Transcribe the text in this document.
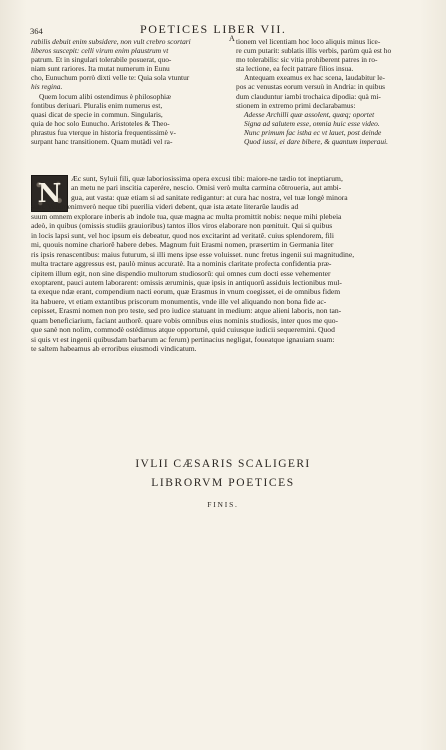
364	POETICES LIBER VII.
A

rabilis debuit enim subsidere, non vult crebro scortari

liberos suscepit: celli virum enim plaustrum vt

patrum. Et in singulari tolerabile posuerat, quo-

niam sunt rariores. Ita mutat numerum in Eunu

cho, Eunuchum porrò dixti velle te: Quia sola vtuntur

his regina.

Quem locum alibi ostendimus è philosophiæ

fontibus deriuari. Pluralis enim numerus est,

quasi dicat de specie in commun. Singularis,

quia de hoc solo Eunucho. Aristoteles & Theo-

phrastus fua vterque in historia frequentissimè v-

surpant hanc transitionem. Quam mutàdi vel ra-

tionem vel licentiam hoc loco aliquis minus lice-

re cum putarit: sublatis illis verbis, parùm quà est ho

mo tolerabilis: sic vitia prohiberent patres in ro-

sta lectione, ea fecit patrare filios insua.

Antequam exeamus ex hac scena, laudabitur le-

pos ac venustas eorum versuù in Andria: in quibus

dum clauduntur iambi trochaica dipodia: quà mi-

stionem in extremo primi declarabamus:

Adesse Archilli quæ assolent, quæq; oportet

Signa ad salutem esse, omnia huic esse video.

Nunc primum fac istha ec vt lauet, post deinde

Quod iussi, ei dare bibere, & quantum imperaui.

N	Æc sunt, Syluii fili, quæ laboriosissima opera excusi tibi: maiore-ne tædio tot ineptiarum,

an metu ne pari inscitia caperére, nescio. Omisi verò multa carmina cõtroueria, aut ambi-

gua, aut vasta: quæ etiam si ad sanitate redigantur: at cura hac nostra, vel tuæ longè minora

sunt. Verùmenimverò neque tibi puerilia videri debent, quæ ista ætate literarũe laudis ad

suum omnem explorare inberis ab indole tua, quæ magna ac multa promittit nobis: neque mihi plebeia

adeò, in quibus (omissis studiis grauioribus) tantos illos viros elaborare non pœnituit. Qui si quibus

in locis lapsi sunt, vel hoc ipsum eis debeatur, quod nos excitarint ad veritatẽ. cuius splendorem, fili

mi, quouis nomine chariorẽ habere debes. Magnum fuit Erasmi nomen, præsertim in Germania liter

ris ipsis renascentibus: maius futurum, si illi mens ipse esse voluisset. nunc fretus ingenii sui magnitudine,

multa tractare aggressus est, paulò minus accuratè. Ita a nominis claritate profecta confidentia præ-

cipitem illum egit, non sine dispendio multorum studiosorũ: qui omnes cum docti esse vehementer

exoptarent, pauci autem laborarent: omissis æruminis, quæ ipsis in antiquorũ assiduis lectionibus mul-

ta exeque ndæ erant, compendium nacti eorum, quæ Erasmus in vnum coegisset, ei de omnibus fidem

ita habuere, vt etiam extantibus priscorum monumentis, vnde ille vel aliquando non bona fide ac-

cepisset, Erasmi nomen non pro teste, sed pro iudice statuant in medium: atque alieni laboris, non tan-

quam beneficiarium, faciant authorẽ. quare vobis omnibus eius nominis studiosis, inter quos me quo-

que sanè non nolim, commodè ostédimus atque opportunè, quid cuiusque iudicii sequeremini. Quod

si quis vt est ingenii quibusdam barbarum ac ferum) pertinacius negligat, foueatque ignauiam suam:

te saltem habeamus ab erroribus eiusmodi vindicatum.

IVLII CÆSARIS SCALIGERI
LIBRORVM POETICES
FINIS.
